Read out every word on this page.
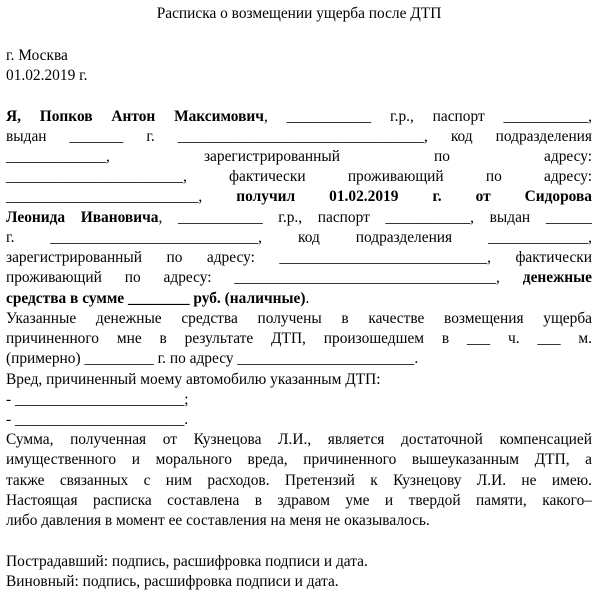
Расписка о возмещении ущерба после ДТП
г. Москва
01.02.2019 г.
Я, Попков Антон Максимович, ___________ г.р., паспорт ___________,
выдан _______ г. ________________________________, код подразделения
_____________, зарегистрированный по адресу:
_______________________, фактически проживающий по адресу:
_________________________, получил 01.02.2019 г. от Сидорова
Леонида Ивановича, ___________ г.р., паспорт ___________, выдан ______
г. ___________________________, код подразделения _____________,
зарегистрированный по адресу: ___________________________, фактически
проживающий по адресу: __________________________________, денежные
средства в сумме ________ руб. (наличные).
Указанные денежные средства получены в качестве возмещения ущерба
причиненного мне в результате ДТП, произошедшем в ___ ч. ___ м.
(примерно) _________ г. по адресу _______________________.
Вред, причиненный моему автомобилю указанным ДТП:
- ______________________;
- ______________________.
Сумма, полученная от Кузнецова Л.И., является достаточной компенсацией
имущественного и морального вреда, причиненного вышеуказанным ДТП, а
также связанных с ним расходов. Претензий к Кузнецову Л.И. не имею.
Настоящая расписка составлена в здравом уме и твердой памяти, какого–
либо давления в момент ее составления на меня не оказывалось.
Пострадавший: подпись, расшифровка подписи и дата.
Виновный: подпись, расшифровка подписи и дата.
